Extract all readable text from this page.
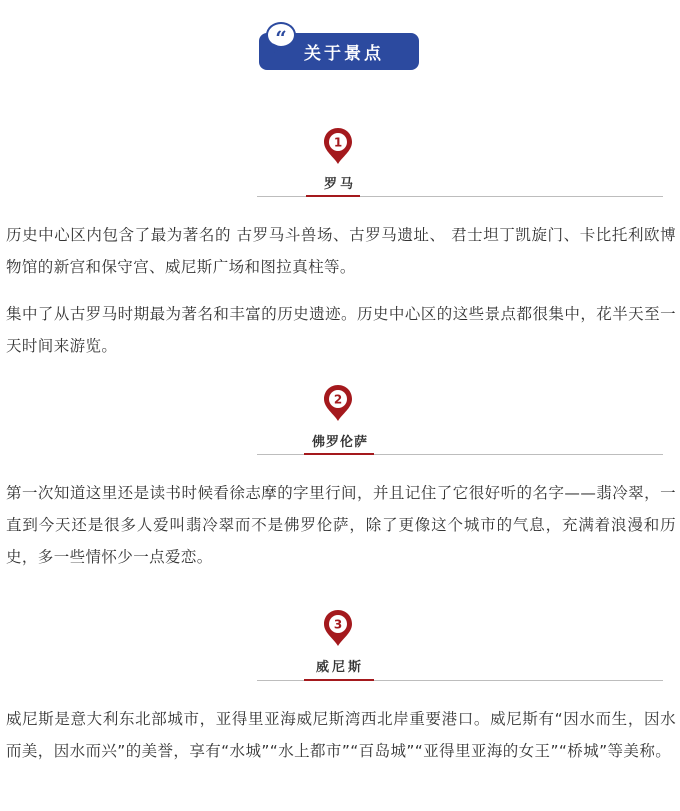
关于景点
“
1
罗马

历史中心区内包含了最为著名的 古罗马斗兽场、古罗马遗址、 君士坦丁凯旋门、卡比托利欧博物馆的新宫和保守宫、威尼斯广场和图拉真柱等。

集中了从古罗马时期最为著名和丰富的历史遗迹。历史中心区的这些景点都很集中，花半天至一天时间来游览。

2
佛罗伦萨

第一次知道这里还是读书时候看徐志摩的字里行间，并且记住了它很好听的名字——翡冷翠，一直到今天还是很多人爱叫翡冷翠而不是佛罗伦萨，除了更像这个城市的气息，充满着浪漫和历史，多一些情怀少一点爱恋。

3
威尼斯

威尼斯是意大利东北部城市，亚得里亚海威尼斯湾西北岸重要港口。威尼斯有“因水而生，因水而美，因水而兴”的美誉，享有“水城”“水上都市”“百岛城”“亚得里亚海的女王”“桥城”等美称。
